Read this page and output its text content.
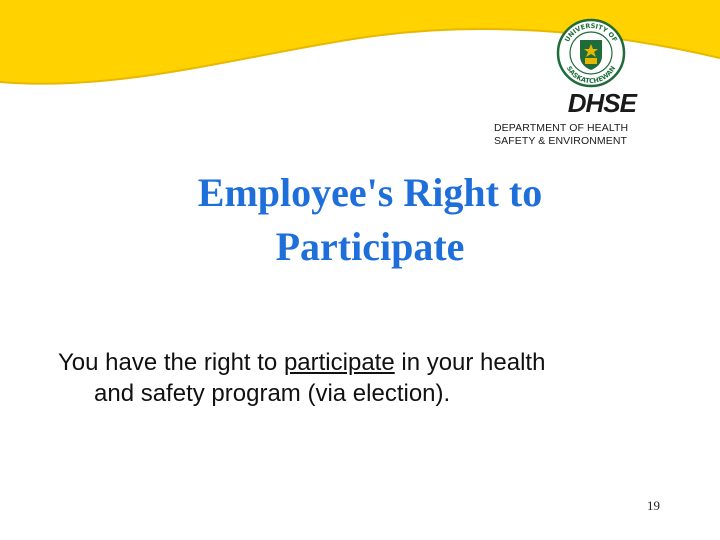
UNIVERSITY OF
SASKATCHEWAN
DHSE
DEPARTMENT OF HEALTH
SAFETY & ENVIRONMENT
Employee's Right to
Participate
You have the right to participate in your health
and safety program (via election).
19
